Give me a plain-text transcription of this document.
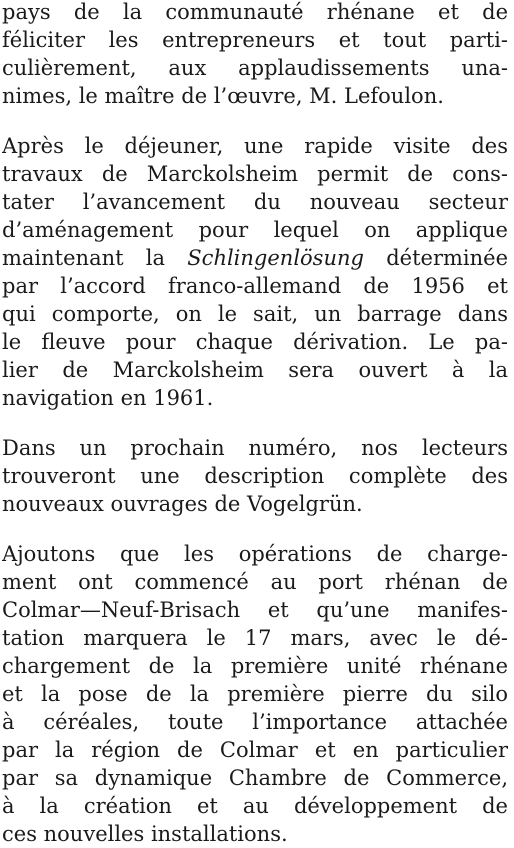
pays de la communauté rhénane et de
féliciter les entrepreneurs et tout parti-
culièrement, aux applaudissements una-
nimes, le maître de l’œuvre, M. Lefoulon.
Après le déjeuner, une rapide visite des
travaux de Marckolsheim permit de cons-
tater l’avancement du nouveau secteur
d’aménagement pour lequel on applique
maintenant la Schlingenlösung déterminée
par l’accord franco-allemand de 1956 et
qui comporte, on le sait, un barrage dans
le fleuve pour chaque dérivation. Le pa-
lier de Marckolsheim sera ouvert à la
navigation en 1961.
Dans un prochain numéro, nos lecteurs
trouveront une description complète des
nouveaux ouvrages de Vogelgrün.
Ajoutons que les opérations de charge-
ment ont commencé au port rhénan de
Colmar—Neuf-Brisach et qu’une manifes-
tation marquera le 17 mars, avec le dé-
chargement de la première unité rhénane
et la pose de la première pierre du silo
à céréales, toute l’importance attachée
par la région de Colmar et en particulier
par sa dynamique Chambre de Commerce,
à la création et au développement de
ces nouvelles installations.
